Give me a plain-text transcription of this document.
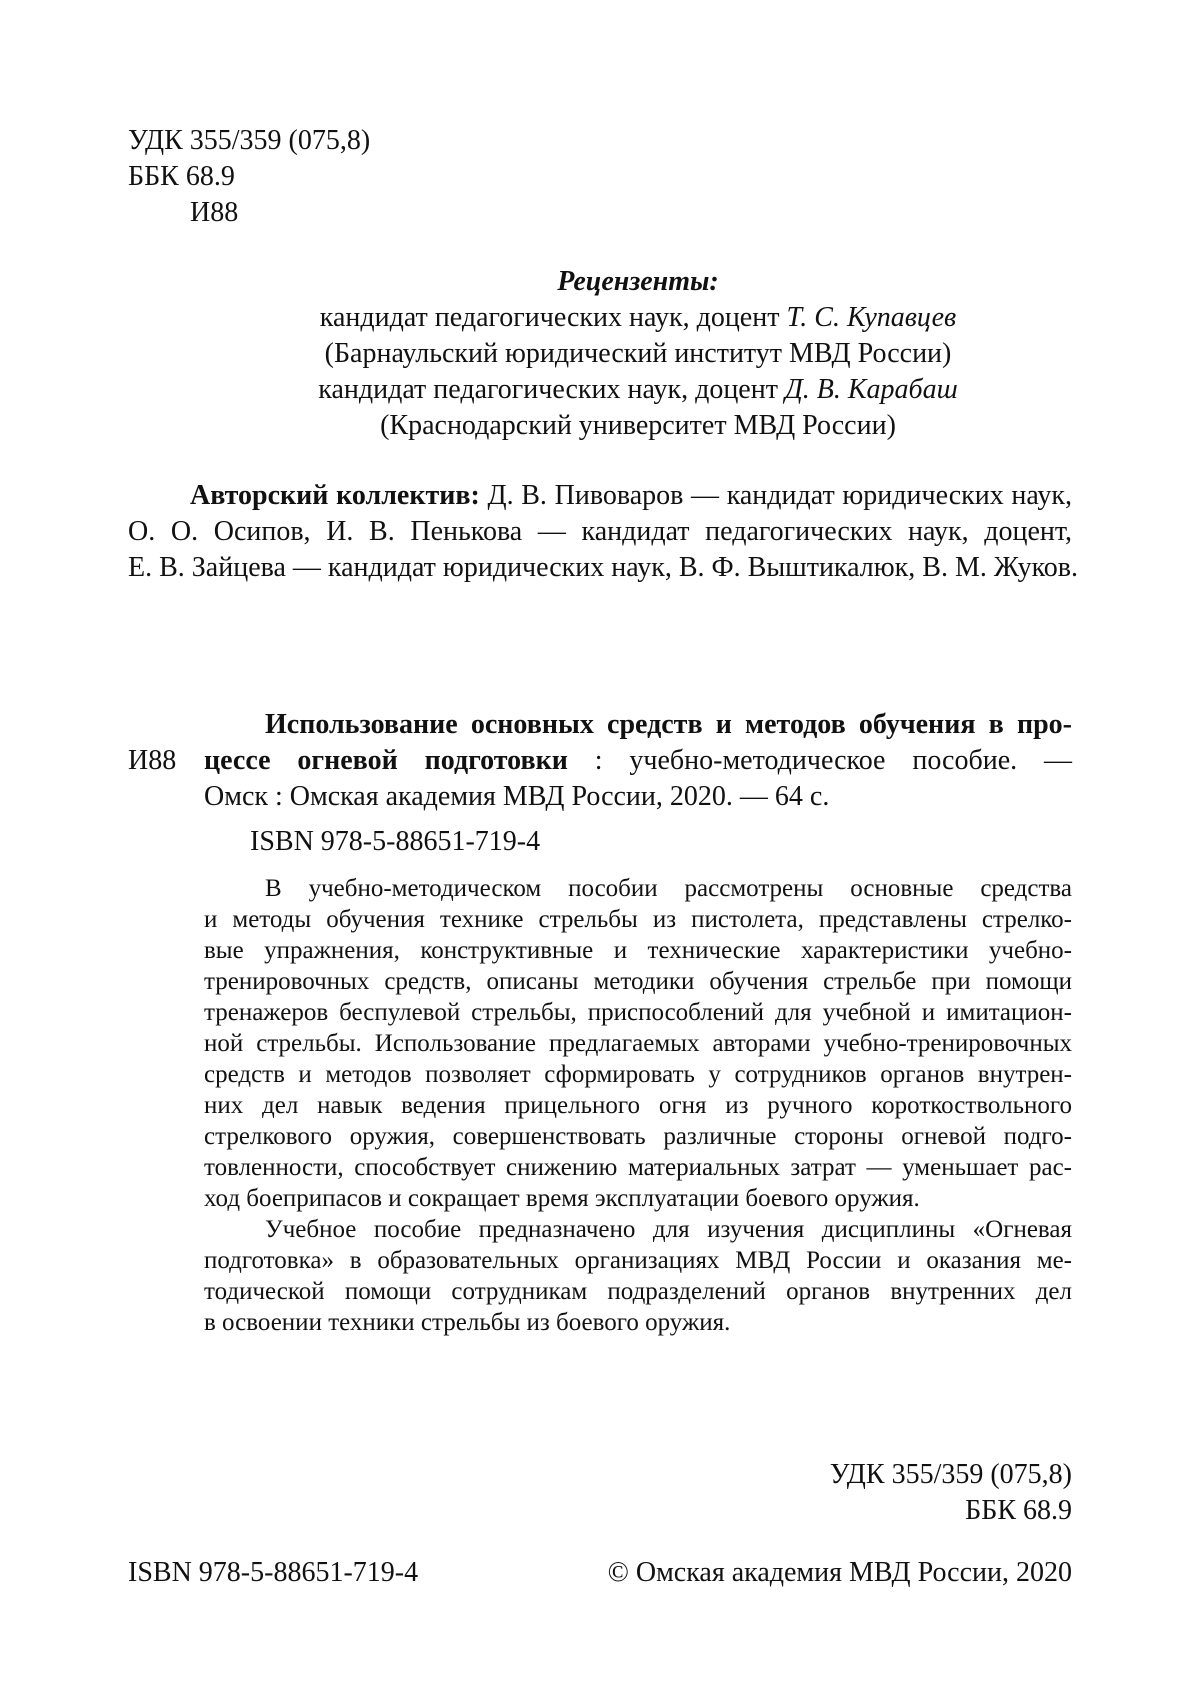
УДК 355/359 (075,8)
ББК 68.9
И88
Рецензенты:
кандидат педагогических наук, доцент Т. С. Купавцев
(Барнаульский юридический институт МВД России)
кандидат педагогических наук, доцент Д. В. Карабаш
(Краснодарский университет МВД России)
Авторский коллектив: Д. В. Пивоваров — кандидат юридических наук,
О. О. Осипов, И. В. Пенькова — кандидат педагогических наук, доцент,
Е. В. Зайцева — кандидат юридических наук, В. Ф. Выштикалюк, В. М. Жуков.
Использование основных средств и методов обучения в про-
И88 цессе огневой подготовки : учебно-методическое пособие. —
Омск : Омская академия МВД России, 2020. — 64 с.
ISBN 978-5-88651-719-4
В учебно-методическом пособии рассмотрены основные средства
и методы обучения технике стрельбы из пистолета, представлены стрелко-
вые упражнения, конструктивные и технические характеристики учебно-
тренировочных средств, описаны методики обучения стрельбе при помощи
тренажеров беспулевой стрельбы, приспособлений для учебной и имитацион-
ной стрельбы. Использование предлагаемых авторами учебно-тренировочных
средств и методов позволяет сформировать у сотрудников органов внутрен-
них дел навык ведения прицельного огня из ручного короткоствольного
стрелкового оружия, совершенствовать различные стороны огневой подго-
товленности, способствует снижению материальных затрат — уменьшает рас-
ход боеприпасов и сокращает время эксплуатации боевого оружия.
Учебное пособие предназначено для изучения дисциплины «Огневая
подготовка» в образовательных организациях МВД России и оказания ме-
тодической помощи сотрудникам подразделений органов внутренних дел
в освоении техники стрельбы из боевого оружия.
УДК 355/359 (075,8)
ББК 68.9
ISBN 978-5-88651-719-4	© Омская академия МВД России, 2020
